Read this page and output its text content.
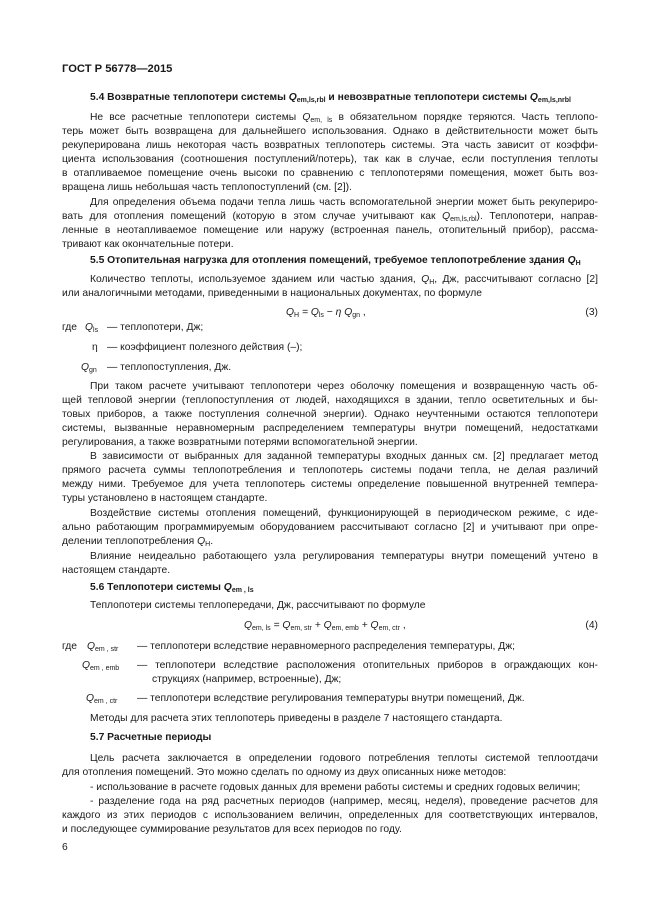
ГОСТ Р 56778—2015
5.4 Возвратные теплопотери системы $Q_{em,ls,rbl}$ и невозвратные теплопотери системы $Q_{em,ls,nrbl}$
Не все расчетные теплопотери системы $Q_{em, ls}$ в обязательном порядке теряются. Часть теплопо-
терь может быть возвращена для дальнейшего использования. Однако в действительности может быть
рекуперирована лишь некоторая часть возвратных теплопотерь системы. Эта часть зависит от коэффи-
циента использования (соотношения поступлений/потерь), так как в случае, если поступления теплоты
в отапливаемое помещение очень высоки по сравнению с теплопотерями помещения, может быть воз-
вращена лишь небольшая часть теплопоступлений (см. [2]).
Для определения объема подачи тепла лишь часть вспомогательной энергии может быть рекуперирo-
вать для отопления помещений (которую в этом случае учитывают как $Q_{em,ls,rbl}$). Теплопотери, направ-
ленные в неотапливаемое помещение или наружу (встроенная панель, отопительный прибор), рассма-
тривают как окончательные потери.
5.5 Отопительная нагрузка для отопления помещений, требуемое теплопотребление здания $Q_H$
Количество теплоты, используемое зданием или частью здания, $Q_H$, Дж, рассчитывают согласно [2]
или аналогичными методами, приведенными в национальных документах, по формуле
$Q_H = Q_{ls} - \eta$ $Q_{gn}$ ,	(3)
где $Q_{ls}$ — теплопотери, Дж;
η — коэффициент полезного действия (–);
$Q_{gn}$ — теплопоступления, Дж.
При таком расчете учитывают теплопотери через оболочку помещения и возвращенную часть об-
щей тепловой энергии (теплопоступления от людей, находящихся в здании, тепло осветительных и бы-
товых приборов, а также поступления солнечной энергии). Однако неучтенными остаются теплопотери
системы, вызванные неравномерным распределением температуры внутри помещений, недостатками
регулирования, а также возвратными потерями вспомогательной энергии.
В зависимости от выбранных для заданной температуры входных данных см. [2] предлагает метод
прямого расчета суммы теплопотребления и теплопотерь системы подачи тепла, не делая различий
между ними. Требуемое для учета теплопотерь системы определение повышенной внутренней темпера-
туры установлено в настоящем стандарте.
Воздействие системы отопления помещений, функционирующей в периодическом режиме, с иде-
ально работающим программируемым оборудованием рассчитывают согласно [2] и учитывают при опре-
делении теплопотребления $Q_H$.
Влияние неидеально работающего узла регулирования температуры внутри помещений учтено в
настоящем стандарте.
5.6 Теплопотери системы $Q_{em , ls}$
Теплопотери системы теплопередачи, Дж, рассчитывают по формуле
$Q_{em, ls} = Q_{em, str} + Q_{em, emb} + Q_{em, ctr}$ ,	(4)
где $Q_{em , str}$ — теплопотери вследствие неравномерного распределения температуры, Дж;
$Q_{em , emb}$ — теплопотери вследствие расположения отопительных приборов в ограждающих кон-
струкциях (например, встроенные), Дж;
$Q_{em , ctr}$ — теплопотери вследствие регулирования температуры внутри помещений, Дж.
Методы для расчета этих теплопотерь приведены в разделе 7 настоящего стандарта.
5.7 Расчетные периоды
Цель расчета заключается в определении годового потребления теплоты системой теплоотдачи
для отопления помещений. Это можно сделать по одному из двух описанных ниже методов:
- использование в расчете годовых данных для времени работы системы и средних годовых величин;
- разделение года на ряд расчетных периодов (например, месяц, неделя), проведение расчетов для
каждого из этих периодов с использованием величин, определенных для соответствующих интервалов,
и последующее суммирование результатов для всех периодов по году.
6
